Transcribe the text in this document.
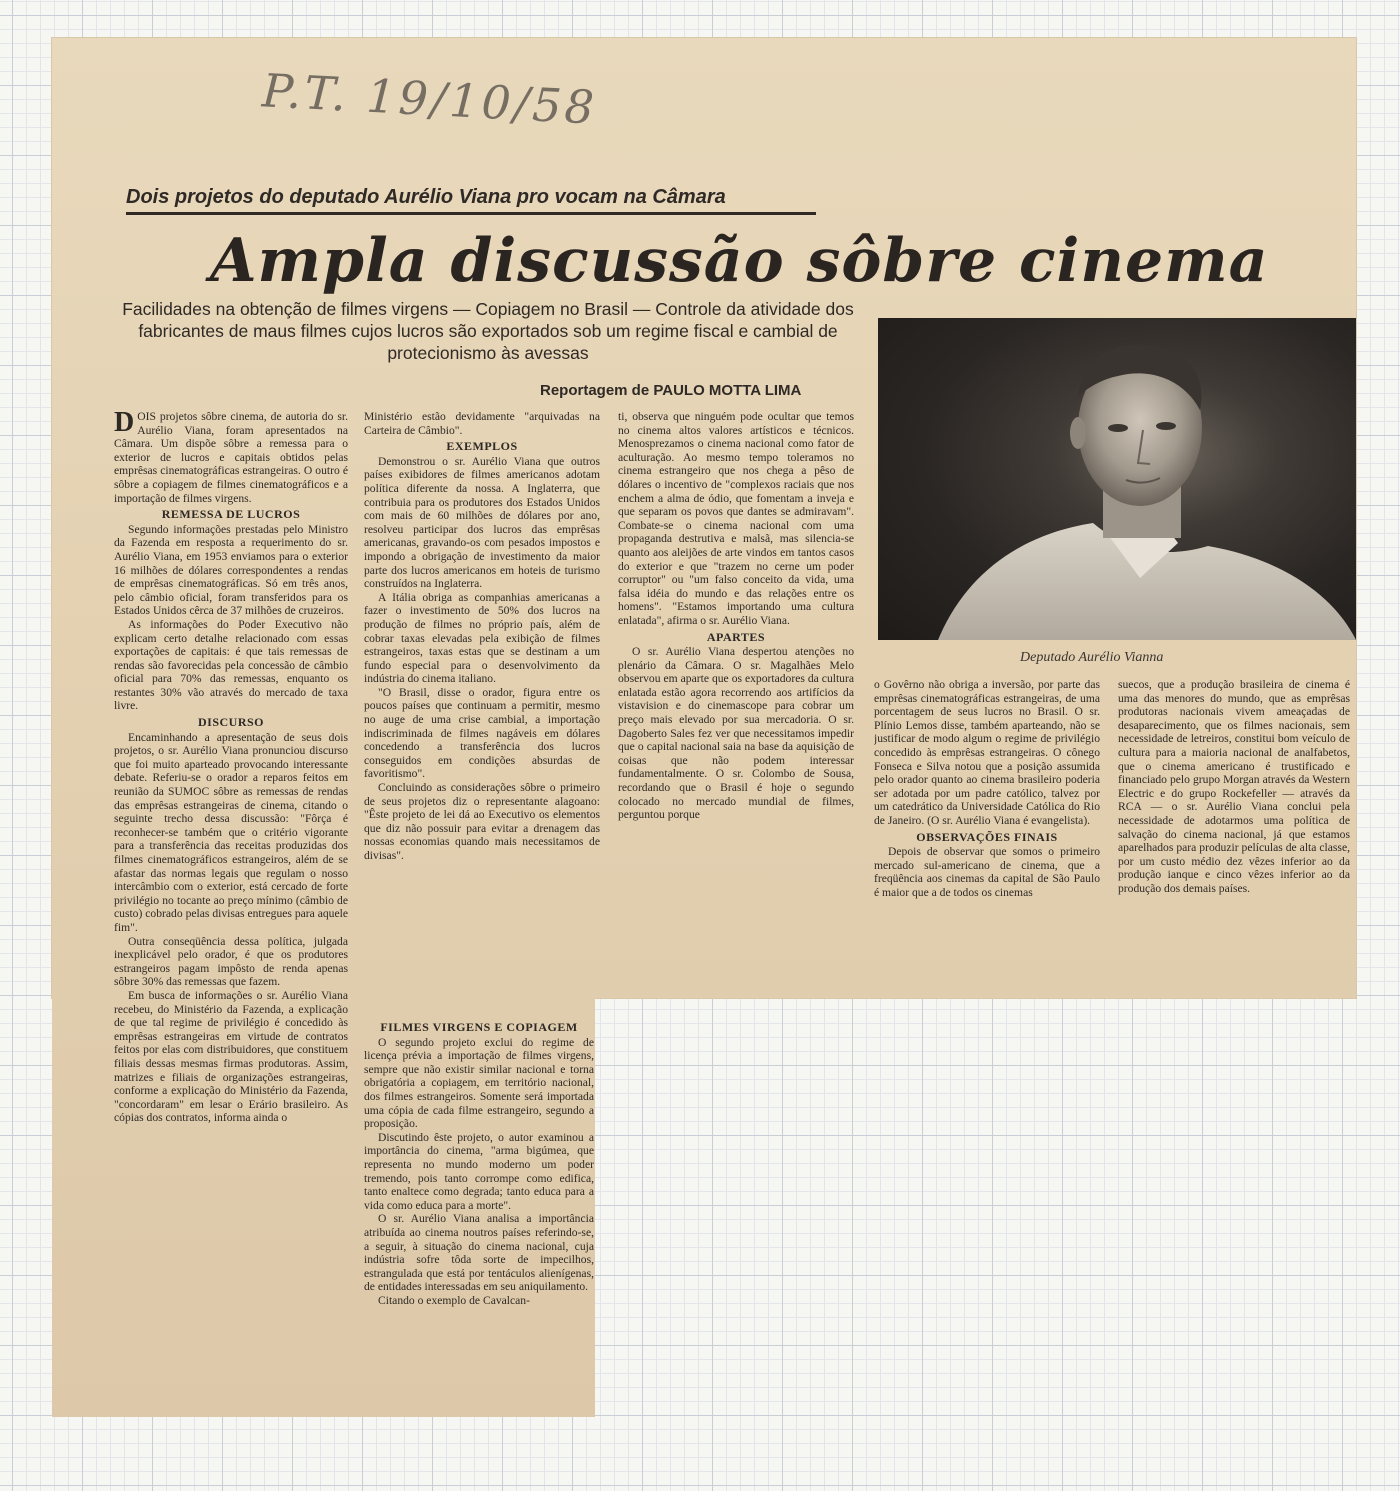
P.T. 19/10/58
Dois projetos do deputado Aurélio Viana pro vocam na Câmara
Ampla discussão sôbre cinema
Facilidades na obtenção de filmes virgens — Copiagem no Brasil — Controle da atividade dos fabricantes de maus filmes cujos lucros são exportados sob um regime fiscal e cambial de protecionismo às avessas
Reportagem de PAULO MOTTA LIMA
Deputado Aurélio Vianna

DOIS projetos sôbre cinema, de autoria do sr. Aurélio Viana, foram apresentados na Câmara. Um dispõe sôbre a remessa para o exterior de lucros e capitais obtidos pelas emprêsas cinematográficas estrangeiras. O outro é sôbre a copiagem de filmes cinematográficos e a importação de filmes virgens.

REMESSA DE LUCROS

Segundo informações prestadas pelo Ministro da Fazenda em resposta a requerimento do sr. Aurélio Viana, em 1953 enviamos para o exterior 16 milhões de dólares correspondentes a rendas de emprêsas cinematográficas. Só em três anos, pelo câmbio oficial, foram transferidos para os Estados Unidos cêrca de 37 milhões de cruzeiros.

As informações do Poder Executivo não explicam certo detalhe relacionado com essas exportações de capitais: é que tais remessas de rendas são favorecidas pela concessão de câmbio oficial para 70% das remessas, enquanto os restantes 30% vão através do mercado de taxa livre.

DISCURSO

Encaminhando a apresentação de seus dois projetos, o sr. Aurélio Viana pronunciou discurso que foi muito aparteado provocando interessante debate. Referiu-se o orador a reparos feitos em reunião da SUMOC sôbre as remessas de rendas das emprêsas estrangeiras de cinema, citando o seguinte trecho dessa discussão: "Fôrça é reconhecer-se também que o critério vigorante para a transferência das receitas produzidas dos filmes cinematográficos estrangeiros, além de se afastar das normas legais que regulam o nosso intercâmbio com o exterior, está cercado de forte privilégio no tocante ao preço mínimo (câmbio de custo) cobrado pelas divisas entregues para aquele fim".

Outra conseqüência dessa política, julgada inexplicável pelo orador, é que os produtores estrangeiros pagam impôsto de renda apenas sôbre 30% das remessas que fazem.

Em busca de informações o sr. Aurélio Viana recebeu, do Ministério da Fazenda, a explicação de que tal regime de privilégio é concedido às emprêsas estrangeiras em virtude de contratos feitos por elas com distribuidores, que constituem filiais dessas mesmas firmas produtoras. Assim, matrizes e filiais de organizações estrangeiras, conforme a explicação do Ministério da Fazenda, "concordaram" em lesar o Erário brasileiro. As cópias dos contratos, informa ainda o

Ministério estão devidamente "arquivadas na Carteira de Câmbio".

EXEMPLOS

Demonstrou o sr. Aurélio Viana que outros países exibidores de filmes americanos adotam política diferente da nossa. A Inglaterra, que contribuia para os produtores dos Estados Unidos com mais de 60 milhões de dólares por ano, resolveu participar dos lucros das emprêsas americanas, gravando-os com pesados impostos e impondo a obrigação de investimento da maior parte dos lucros americanos em hoteis de turismo construídos na Inglaterra.

A Itália obriga as companhias americanas a fazer o investimento de 50% dos lucros na produção de filmes no próprio país, além de cobrar taxas elevadas pela exibição de filmes estrangeiros, taxas estas que se destinam a um fundo especial para o desenvolvimento da indústria do cinema italiano.

"O Brasil, disse o orador, figura entre os poucos países que continuam a permitir, mesmo no auge de uma crise cambial, a importação indiscriminada de filmes nagáveis em dólares concedendo a transferência dos lucros conseguidos em condições absurdas de favoritismo".

Concluindo as considerações sôbre o primeiro de seus projetos diz o representante alagoano: "Êste projeto de lei dá ao Executivo os elementos que diz não possuir para evitar a drenagem das nossas economias quando mais necessitamos de divisas".

FILMES VIRGENS E COPIAGEM

O segundo projeto exclui do regime de licença prévia a importação de filmes virgens, sempre que não existir similar nacional e torna obrigatória a copiagem, em território nacional, dos filmes estrangeiros. Somente será importada uma cópia de cada filme estrangeiro, segundo a proposição.

Discutindo êste projeto, o autor examinou a importância do cinema, "arma bigúmea, que representa no mundo moderno um poder tremendo, pois tanto corrompe como edifica, tanto enaltece como degrada; tanto educa para a vida como educa para a morte".

O sr. Aurélio Viana analisa a importância atribuída ao cinema noutros países referindo-se, a seguir, à situação do cinema nacional, cuja indústria sofre tôda sorte de impecilhos, estrangulada que está por tentáculos alienígenas, de entidades interessadas em seu aniquilamento.

Citando o exemplo de Cavalcan-

ti, observa que ninguém pode ocultar que temos no cinema altos valores artísticos e técnicos. Menosprezamos o cinema nacional como fator de aculturação. Ao mesmo tempo toleramos no cinema estrangeiro que nos chega a pêso de dólares o incentivo de "complexos raciais que nos enchem a alma de ódio, que fomentam a inveja e que separam os povos que dantes se admiravam". Combate-se o cinema nacional com uma propaganda destrutiva e malsã, mas silencia-se quanto aos aleijões de arte vindos em tantos casos do exterior e que "trazem no cerne um poder corruptor" ou "um falso conceito da vida, uma falsa idéia do mundo e das relações entre os homens". "Estamos importando uma cultura enlatada", afirma o sr. Aurélio Viana.

APARTES

O sr. Aurélio Viana despertou atenções no plenário da Câmara. O sr. Magalhães Melo observou em aparte que os exportadores da cultura enlatada estão agora recorrendo aos artifícios da vistavision e do cinemascope para cobrar um preço mais elevado por sua mercadoria. O sr. Dagoberto Sales fez ver que necessitamos impedir que o capital nacional saia na base da aquisição de coisas que não podem interessar fundamentalmente. O sr. Colombo de Sousa, recordando que o Brasil é hoje o segundo colocado no mercado mundial de filmes, perguntou porque

o Govêrno não obriga a inversão, por parte das emprêsas cinematográficas estrangeiras, de uma porcentagem de seus lucros no Brasil. O sr. Plínio Lemos disse, também aparteando, não se justificar de modo algum o regime de privilégio concedido às emprêsas estrangeiras. O cônego Fonseca e Silva notou que a posição assumida pelo orador quanto ao cinema brasileiro poderia ser adotada por um padre católico, talvez por um catedrático da Universidade Católica do Rio de Janeiro. (O sr. Aurélio Viana é evangelista).

OBSERVAÇÕES FINAIS

Depois de observar que somos o primeiro mercado sul-americano de cinema, que a freqüência aos cinemas da capital de São Paulo é maior que a de todos os cinemas

suecos, que a produção brasileira de cinema é uma das menores do mundo, que as emprêsas produtoras nacionais vivem ameaçadas de desaparecimento, que os filmes nacionais, sem necessidade de letreiros, constitui bom veículo de cultura para a maioria nacional de analfabetos, que o cinema americano é trustificado e financiado pelo grupo Morgan através da Western Electric e do grupo Rockefeller — através da RCA — o sr. Aurélio Viana conclui pela necessidade de adotarmos uma política de salvação do cinema nacional, já que estamos aparelhados para produzir películas de alta classe, por um custo médio dez vêzes inferior ao da produção ianque e cinco vêzes inferior ao da produção dos demais países.
